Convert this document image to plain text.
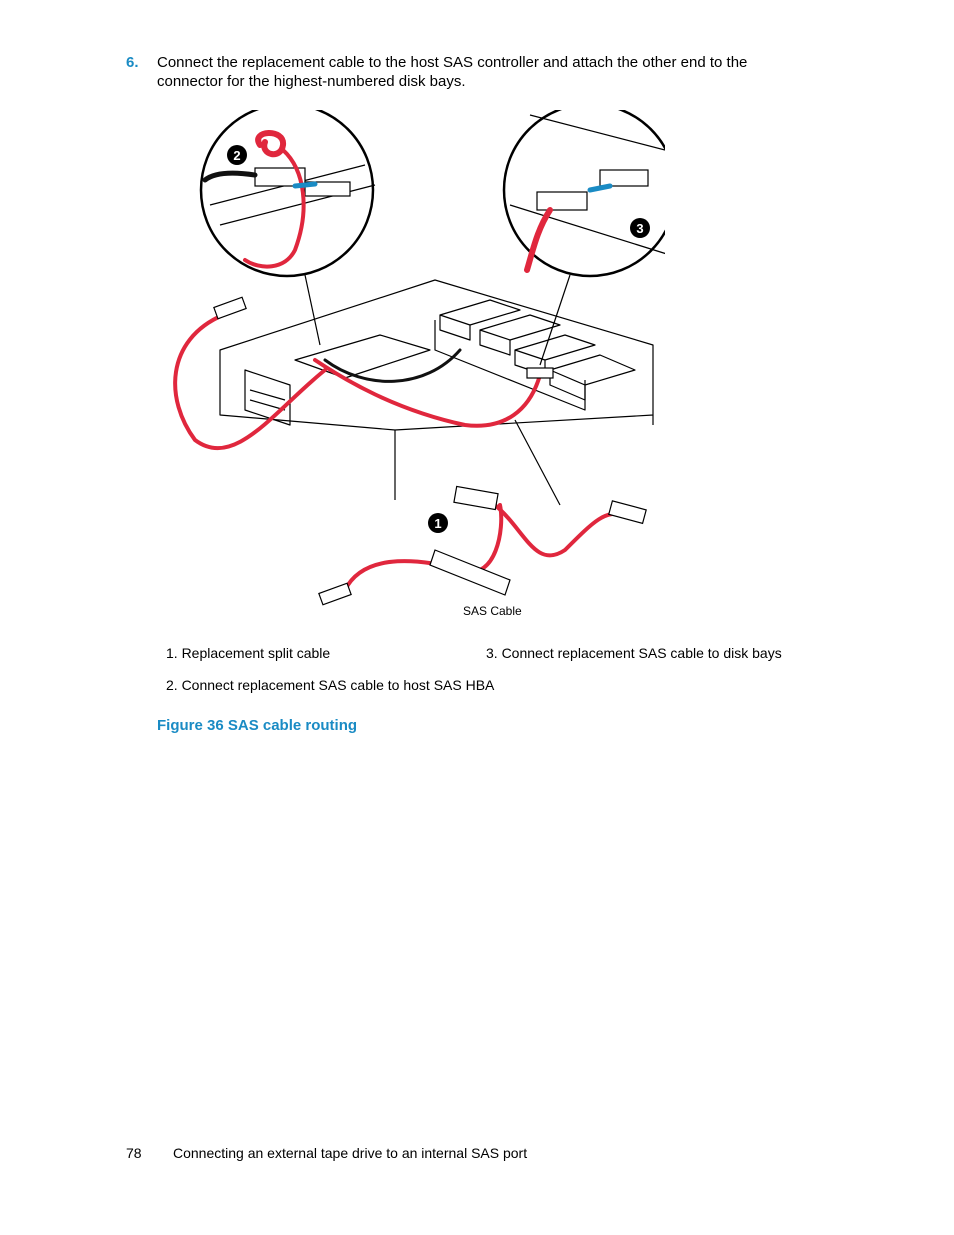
6. Connect the replacement cable to the host SAS controller and attach the other end to the connector for the highest-numbered disk bays.
1
2
3
SAS Cable
1. Replacement split cable
2. Connect replacement SAS cable to host SAS HBA
3. Connect replacement SAS cable to disk bays
Figure 36 SAS cable routing
78 Connecting an external tape drive to an internal SAS port
